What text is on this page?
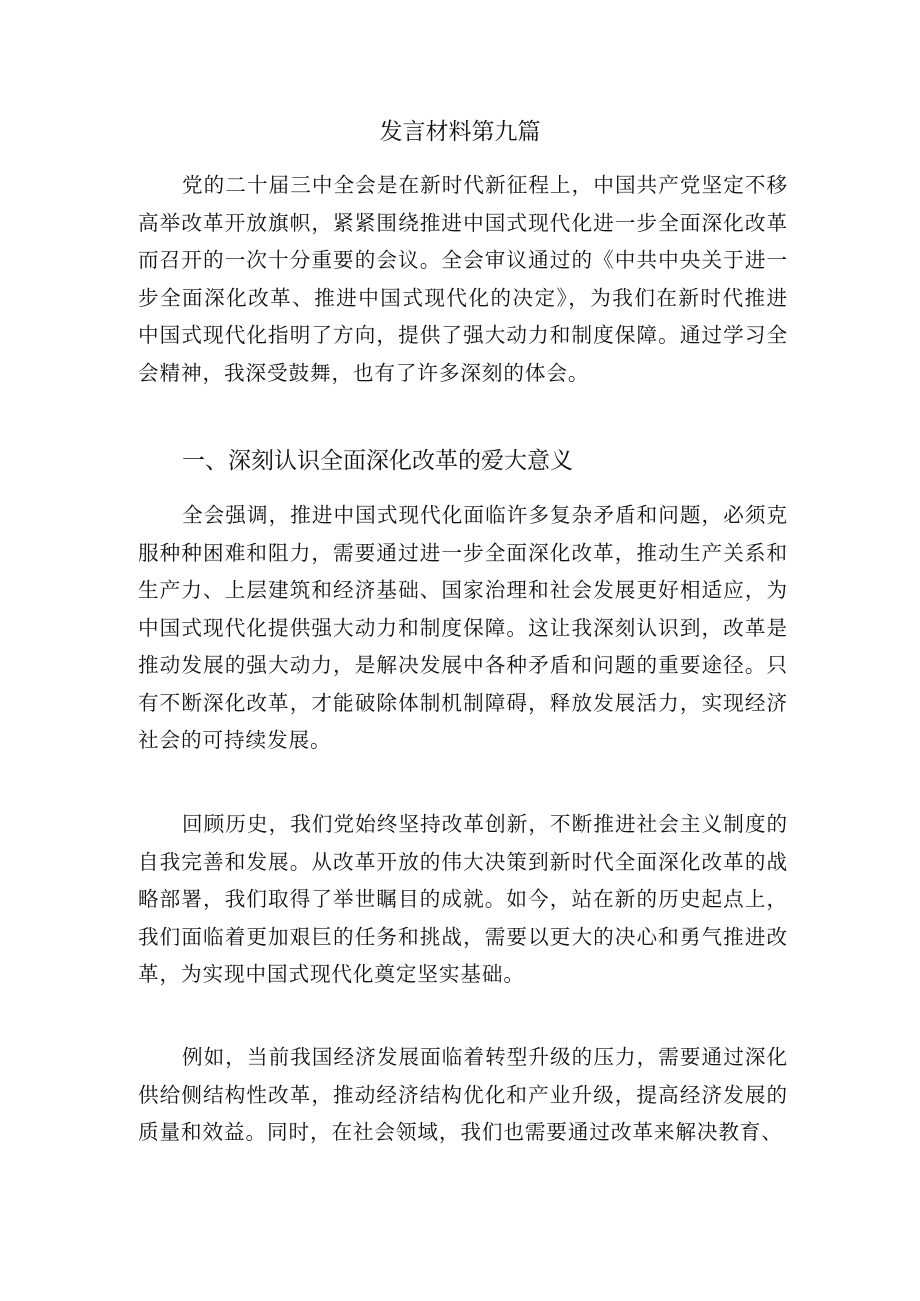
发言材料第九篇

党的二十届三中全会是在新时代新征程上，中国共产党坚定不移高举改革开放旗帜，紧紧围绕推进中国式现代化进一步全面深化改革而召开的一次十分重要的会议。全会审议通过的《中共中央关于进一步全面深化改革、推进中国式现代化的决定》，为我们在新时代推进中国式现代化指明了方向，提供了强大动力和制度保障。通过学习全会精神，我深受鼓舞，也有了许多深刻的体会。

一、深刻认识全面深化改革的爱大意义

全会强调，推进中国式现代化面临许多复杂矛盾和问题，必须克服种种困难和阻力，需要通过进一步全面深化改革，推动生产关系和生产力、上层建筑和经济基础、国家治理和社会发展更好相适应，为中国式现代化提供强大动力和制度保障。这让我深刻认识到，改革是推动发展的强大动力，是解决发展中各种矛盾和问题的重要途径。只有不断深化改革，才能破除体制机制障碍，释放发展活力，实现经济社会的可持续发展。

回顾历史，我们党始终坚持改革创新，不断推进社会主义制度的自我完善和发展。从改革开放的伟大决策到新时代全面深化改革的战略部署，我们取得了举世瞩目的成就。如今，站在新的历史起点上，我们面临着更加艰巨的任务和挑战，需要以更大的决心和勇气推进改革，为实现中国式现代化奠定坚实基础。

例如，当前我国经济发展面临着转型升级的压力，需要通过深化供给侧结构性改革，推动经济结构优化和产业升级，提高经济发展的质量和效益。同时，在社会领域，我们也需要通过改革来解决教育、
